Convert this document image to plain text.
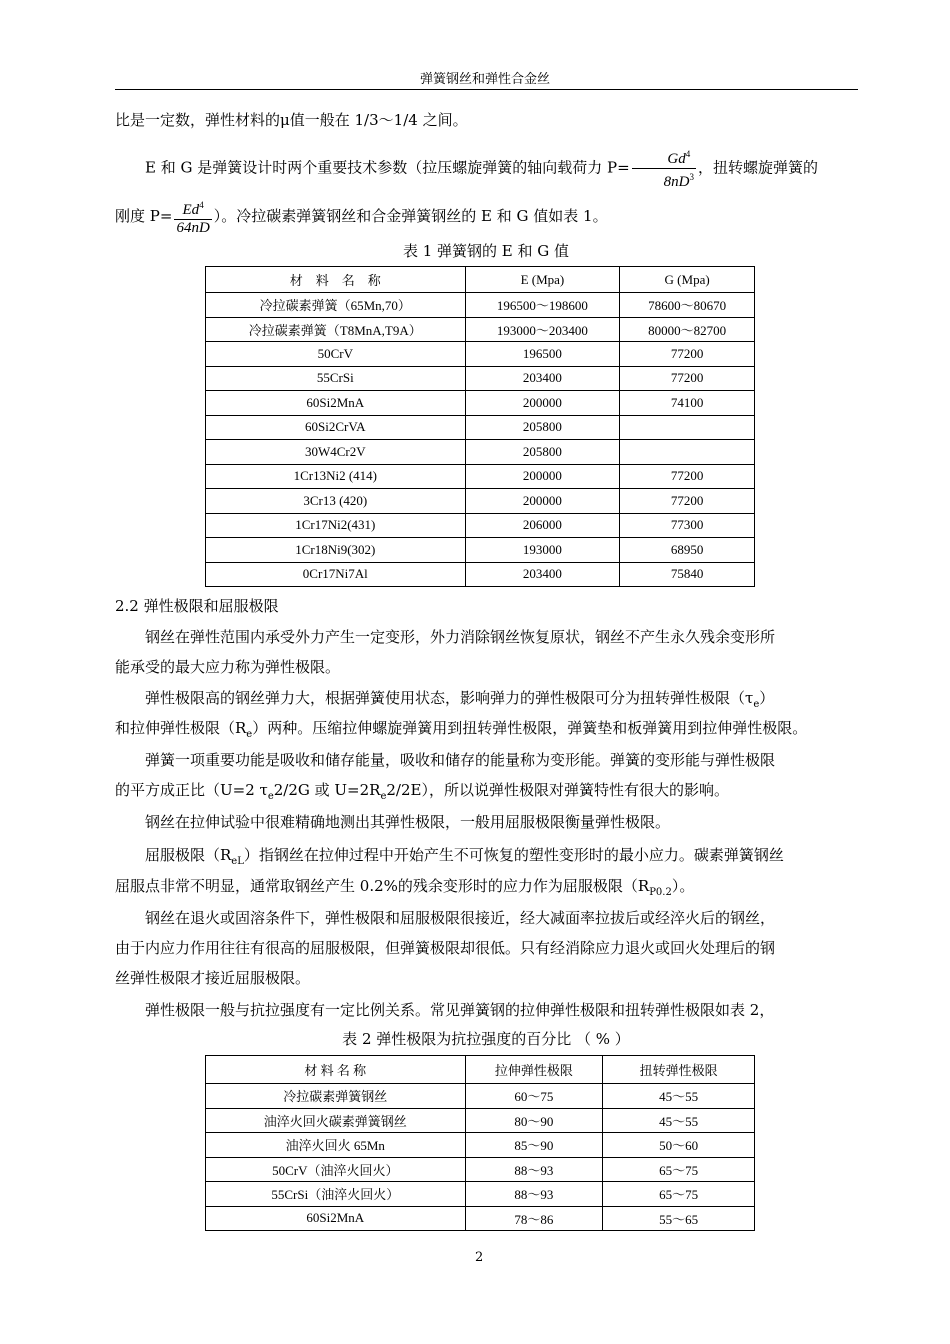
弹簧钢丝和弹性合金丝
比是一定数，弹性材料的μ值一般在 1/3～1/4 之间。
E 和 G 是弹簧设计时两个重要技术参数（拉压螺旋弹簧的轴向载荷力 $P= \frac{Gd^4}{8nD^3}$ ，扭转螺旋弹簧的
刚度 $P= \frac{Ed^4}{64nD}$ ）。冷拉碳素弹簧钢丝和合金弹簧钢丝的 E 和 G 值如表 1。
表 1 弹簧钢的 E 和 G 值
材　料　名　称	E (Mpa)	G (Mpa)
冷拉碳素弹簧（65Mn,70）	196500～198600	78600～80670
冷拉碳素弹簧（T8MnA,T9A）	193000～203400	80000～82700
50CrV	196500	77200
55CrSi	203400	77200
60Si2MnA	200000	74100
60Si2CrVA	205800	
30W4Cr2V	205800	
1Cr13Ni2 (414)	200000	77200
3Cr13 (420)	200000	77200
1Cr17Ni2(431)	206000	77300
1Cr18Ni9(302)	193000	68950
0Cr17Ni7Al	203400	75840
2.2 弹性极限和屈服极限
钢丝在弹性范围内承受外力产生一定变形，外力消除钢丝恢复原状，钢丝不产生永久残余变形所
能承受的最大应力称为弹性极限。
弹性极限高的钢丝弹力大，根据弹簧使用状态，影响弹力的弹性极限可分为扭转弹性极限$(\tau_e)$
和拉伸弹性极限$(R_e)$两种。压缩拉伸螺旋弹簧用到扭转弹性极限，弹簧垫和板弹簧用到拉伸弹性极限。
弹簧一项重要功能是吸收和储存能量，吸收和储存的能量称为变形能。弹簧的变形能与弹性极限
的平方成正比（U=2 $\tau_e2/2G$ 或 $U=2R_e2/2E$），所以说弹性极限对弹簧特性有很大的影响。
钢丝在拉伸试验中很难精确地测出其弹性极限，一般用屈服极限衡量弹性极限。
屈服极限$(R_{eL})$指钢丝在拉伸过程中开始产生不可恢复的塑性变形时的最小应力。碳素弹簧钢丝
屈服点非常不明显，通常取钢丝产生 0.2%的残余变形时的应力作为屈服极限$(R_{P0.2})$。
钢丝在退火或固溶条件下，弹性极限和屈服极限很接近，经大减面率拉拔后或经淬火后的钢丝，
由于内应力作用往往有很高的屈服极限，但弹簧极限却很低。只有经消除应力退火或回火处理后的钢
丝弹性极限才接近屈服极限。
弹性极限一般与抗拉强度有一定比例关系。常见弹簧钢的拉伸弹性极限和扭转弹性极限如表 2，
表 2 弹性极限为抗拉强度的百分比 （ % ）
材 料 名 称	拉伸弹性极限	扭转弹性极限
冷拉碳素弹簧钢丝	60～75	45～55
油淬火回火碳素弹簧钢丝	80～90	45～55
油淬火回火 65Mn	85～90	50～60
50CrV（油淬火回火）	88～93	65～75
55CrSi（油淬火回火）	88～93	65～75
60Si2MnA	78～86	55～65
2
